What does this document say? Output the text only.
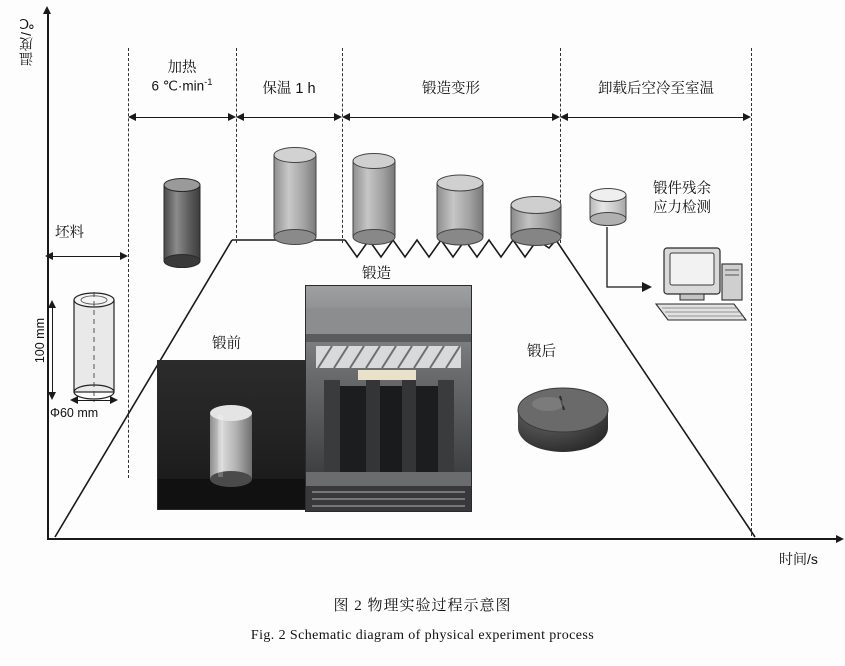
温度/℃
时间/s
加热
6 $℃\cdot\min^{-1}$	保温 1 h	锻造变形	卸载后空冷至室温
坯料
100 mm
Φ60 mm
锻件残余
应力检测
锻造
锻前	锻后
图 2 物理实验过程示意图
Fig. 2 Schematic diagram of physical experiment process
